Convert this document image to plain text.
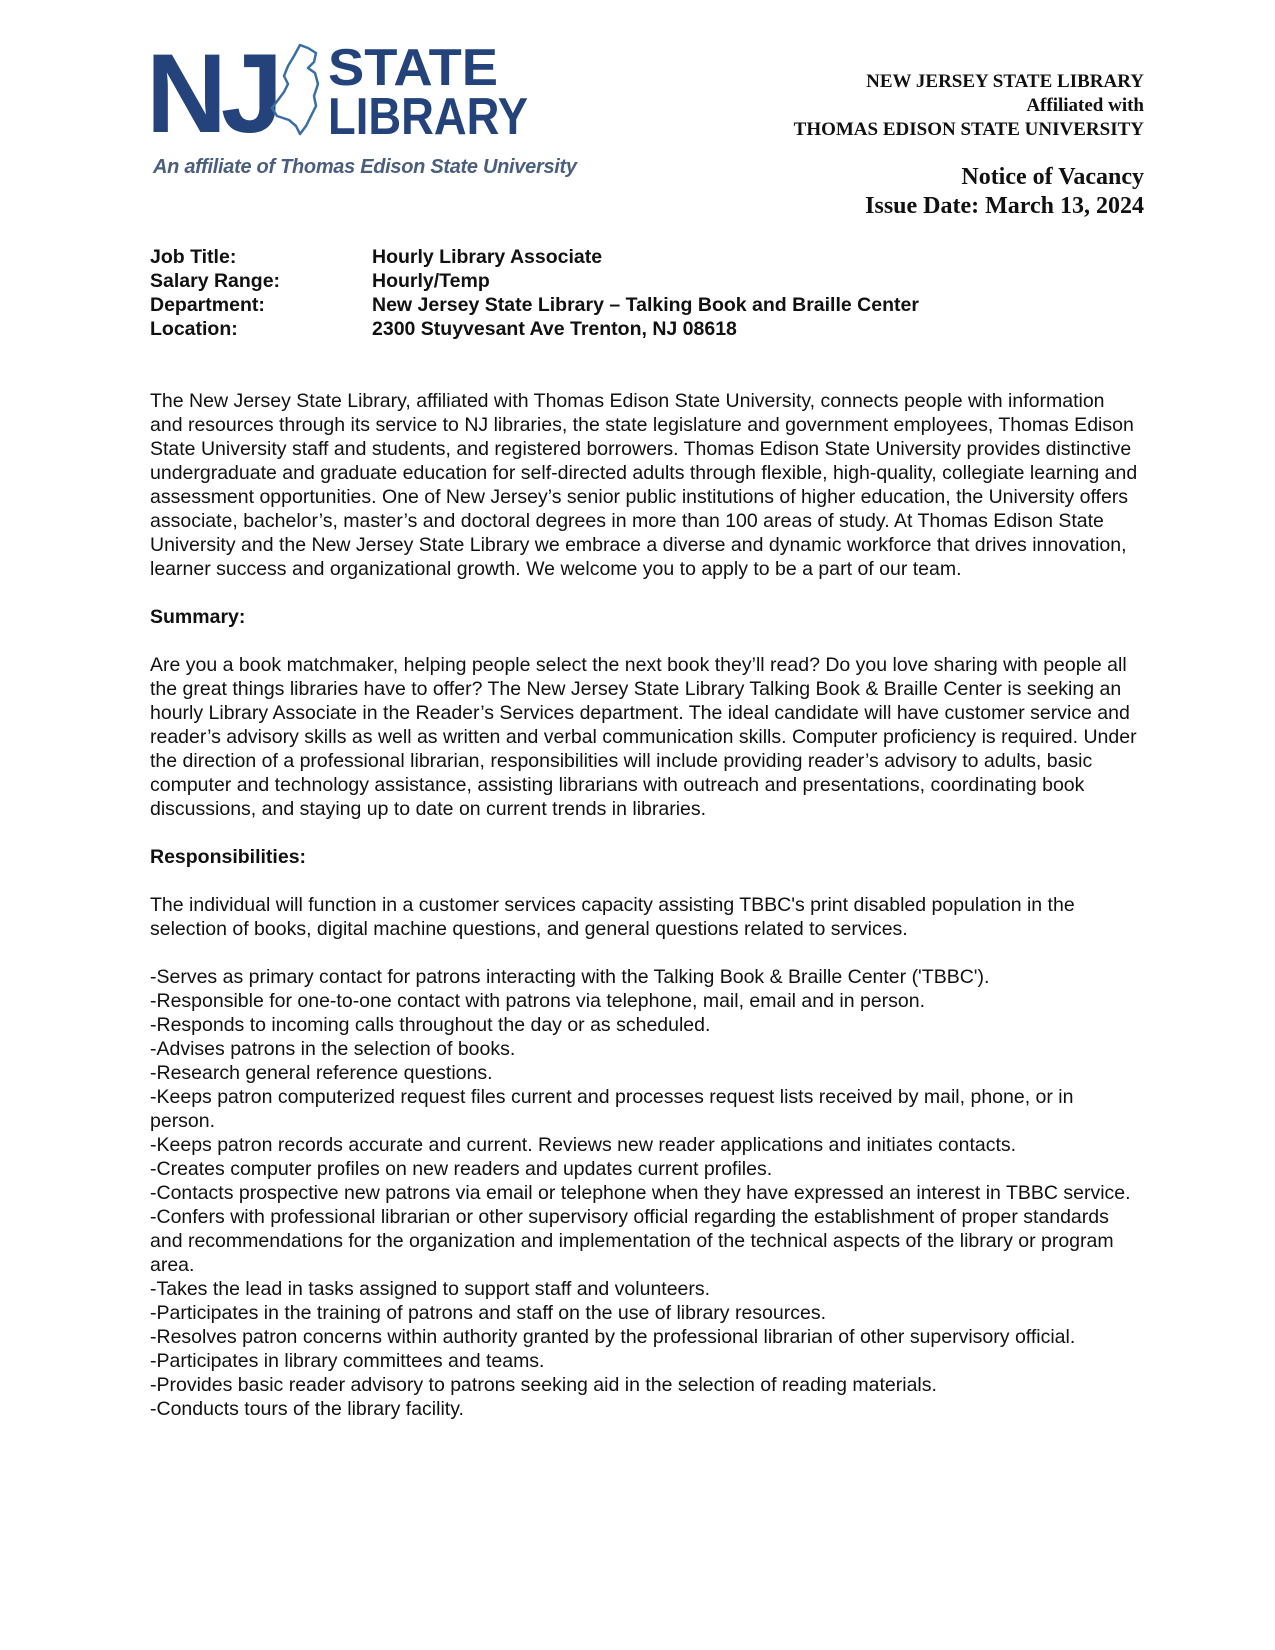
NJ STATE
LIBRARY
An affiliate of Thomas Edison State University
NEW JERSEY STATE LIBRARY
Affiliated with
THOMAS EDISON STATE UNIVERSITY
Notice of Vacancy
Issue Date: March 13, 2024
Job Title:	Hourly Library Associate
Salary Range:	Hourly/Temp
Department:	New Jersey State Library – Talking Book and Braille Center
Location:	2300 Stuyvesant Ave Trenton, NJ 08618

The New Jersey State Library, affiliated with Thomas Edison State University, connects people with information and resources through its service to NJ libraries, the state legislature and government employees, Thomas Edison State University staff and students, and registered borrowers. Thomas Edison State University provides distinctive undergraduate and graduate education for self-directed adults through flexible, high-quality, collegiate learning and assessment opportunities. One of New Jersey’s senior public institutions of higher education, the University offers associate, bachelor’s, master’s and doctoral degrees in more than 100 areas of study. At Thomas Edison State University and the New Jersey State Library we embrace a diverse and dynamic workforce that drives innovation, learner success and organizational growth. We welcome you to apply to be a part of our team.

Summary:

Are you a book matchmaker, helping people select the next book they’ll read? Do you love sharing with people all the great things libraries have to offer? The New Jersey State Library Talking Book & Braille Center is seeking an hourly Library Associate in the Reader’s Services department. The ideal candidate will have customer service and reader’s advisory skills as well as written and verbal communication skills. Computer proficiency is required. Under the direction of a professional librarian, responsibilities will include providing reader’s advisory to adults, basic computer and technology assistance, assisting librarians with outreach and presentations, coordinating book discussions, and staying up to date on current trends in libraries.

Responsibilities:

The individual will function in a customer services capacity assisting TBBC's print disabled population in the selection of books, digital machine questions, and general questions related to services.

-Serves as primary contact for patrons interacting with the Talking Book & Braille Center ('TBBC').
-Responsible for one-to-one contact with patrons via telephone, mail, email and in person.
-Responds to incoming calls throughout the day or as scheduled.
-Advises patrons in the selection of books.
-Research general reference questions.
-Keeps patron computerized request files current and processes request lists received by mail, phone, or in person.
-Keeps patron records accurate and current. Reviews new reader applications and initiates contacts.
-Creates computer profiles on new readers and updates current profiles.
-Contacts prospective new patrons via email or telephone when they have expressed an interest in TBBC service.
-Confers with professional librarian or other supervisory official regarding the establishment of proper standards and recommendations for the organization and implementation of the technical aspects of the library or program area.
-Takes the lead in tasks assigned to support staff and volunteers.
-Participates in the training of patrons and staff on the use of library resources.
-Resolves patron concerns within authority granted by the professional librarian of other supervisory official.
-Participates in library committees and teams.
-Provides basic reader advisory to patrons seeking aid in the selection of reading materials.
-Conducts tours of the library facility.
